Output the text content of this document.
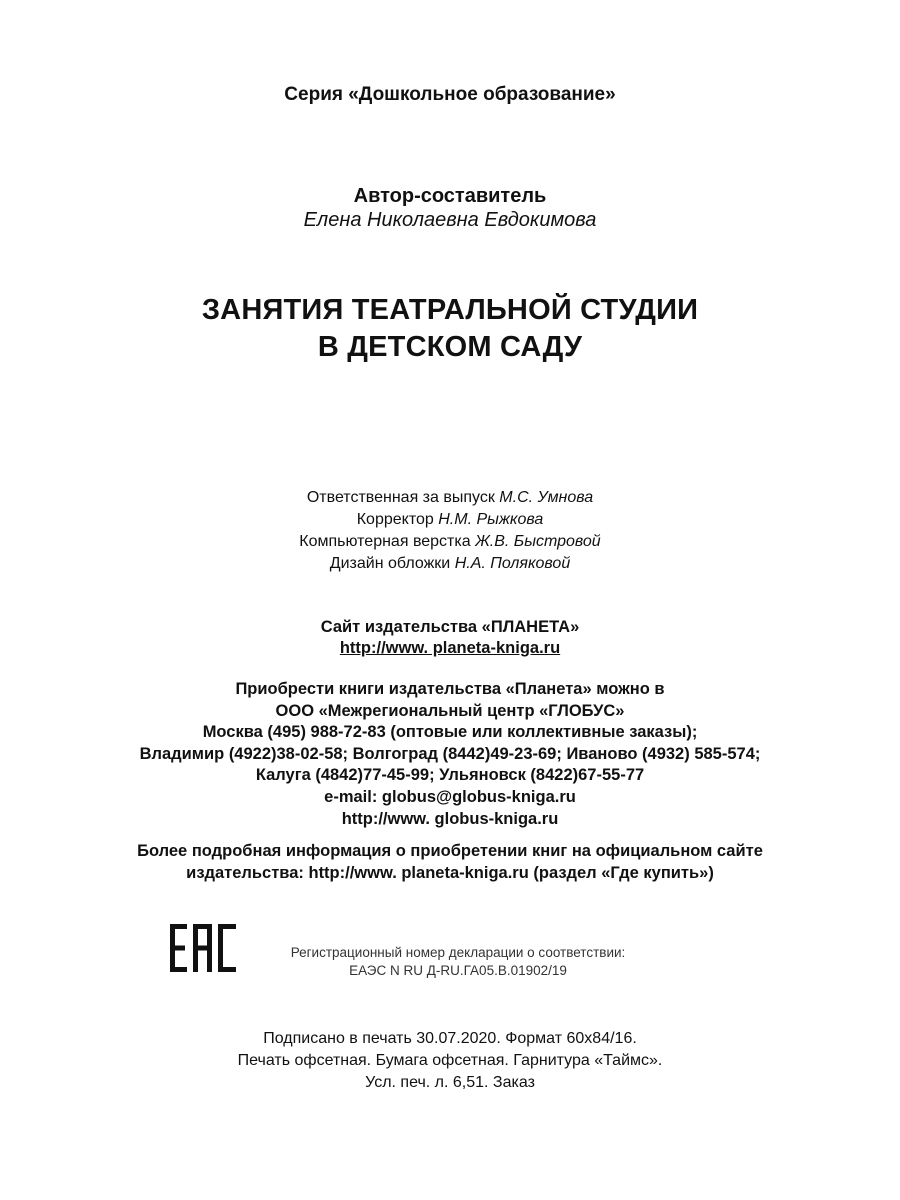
Серия «Дошкольное образование»
Автор-составитель
Елена Николаевна Евдокимова
ЗАНЯТИЯ ТЕАТРАЛЬНОЙ СТУДИИ
В ДЕТСКОМ САДУ
Ответственная за выпуск М.С. Умнова
Корректор Н.М. Рыжкова
Компьютерная верстка Ж.В. Быстровой
Дизайн обложки Н.А. Поляковой
Сайт издательства «ПЛАНЕТА»
http://www. planeta-kniga.ru
Приобрести книги издательства «Планета» можно в
ООО «Межрегиональный центр «ГЛОБУС»
Москва (495) 988-72-83 (оптовые или коллективные заказы);
Владимир (4922)38-02-58; Волгоград (8442)49-23-69; Иваново (4932) 585-574;
Калуга (4842)77-45-99; Ульяновск (8422)67-55-77
e-mail: globus@globus-kniga.ru
http://www. globus-kniga.ru
Более подробная информация о приобретении книг на официальном сайте
издательства: http://www. planeta-kniga.ru (раздел «Где купить»)
Регистрационный номер декларации о соответствии:
ЕАЭС N RU Д-RU.ГА05.В.01902/19
Подписано в печать 30.07.2020. Формат 60х84/16.
Печать офсетная. Бумага офсетная. Гарнитура «Таймс».
Усл. печ. л. 6,51. Заказ
